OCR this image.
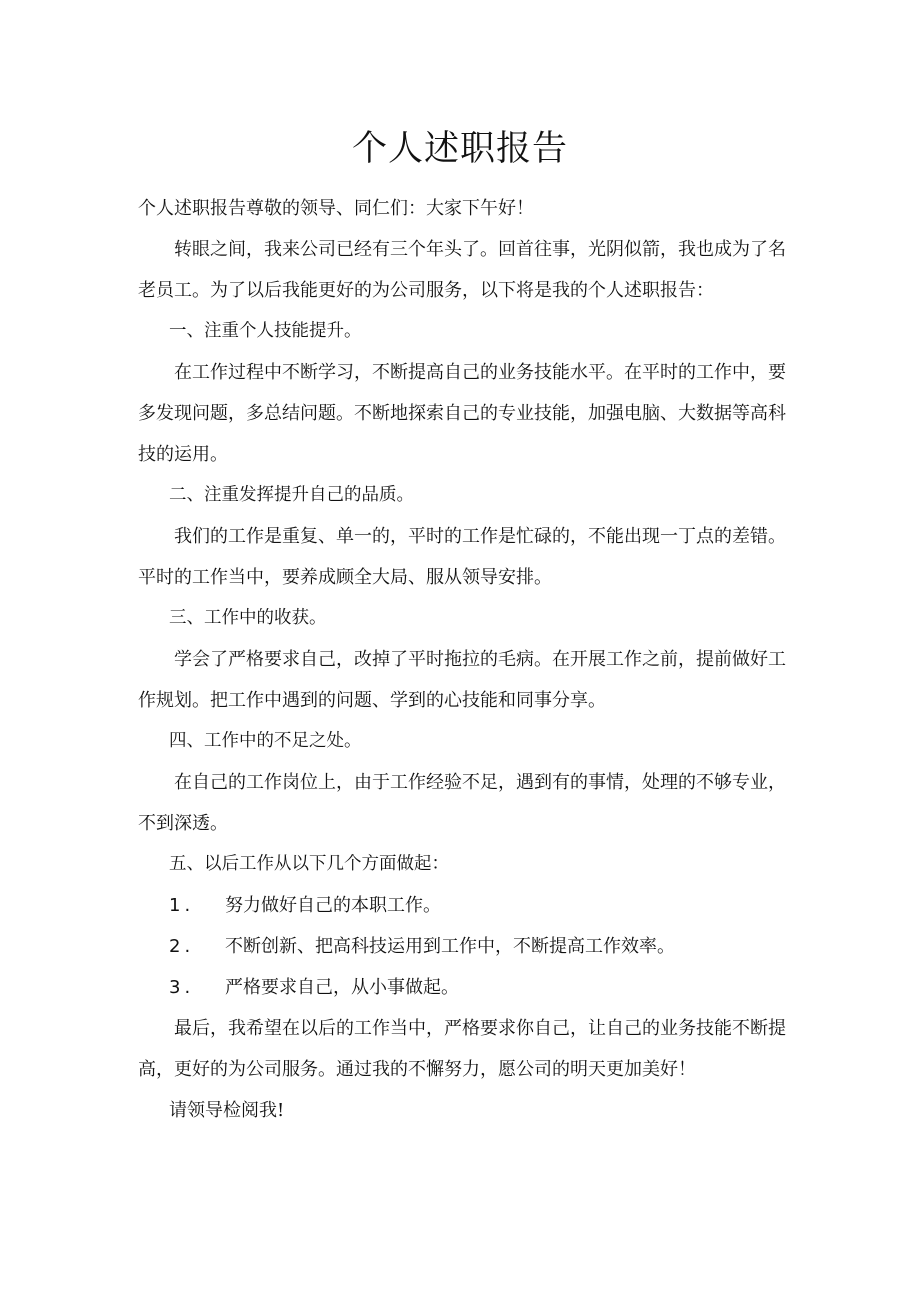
个人述职报告

个人述职报告尊敬的领导、同仁们：大家下午好！

转眼之间，我来公司已经有三个年头了。回首往事，光阴似箭，我也成为了名老员工。为了以后我能更好的为公司服务，以下将是我的个人述职报告：

一、注重个人技能提升。

在工作过程中不断学习，不断提高自己的业务技能水平。在平时的工作中，要多发现问题，多总结问题。不断地探索自己的专业技能，加强电脑、大数据等高科技的运用。

二、注重发挥提升自己的品质。

我们的工作是重复、单一的，平时的工作是忙碌的，不能出现一丁点的差错。平时的工作当中，要养成顾全大局、服从领导安排。

三、工作中的收获。

学会了严格要求自己，改掉了平时拖拉的毛病。在开展工作之前，提前做好工作规划。把工作中遇到的问题、学到的心技能和同事分享。

四、工作中的不足之处。

在自己的工作岗位上，由于工作经验不足，遇到有的事情，处理的不够专业，不到深透。

五、以后工作从以下几个方面做起：

1.	努力做好自己的本职工作。
2.	不断创新、把高科技运用到工作中，不断提高工作效率。
3.	严格要求自己，从小事做起。

最后，我希望在以后的工作当中，严格要求你自己，让自己的业务技能不断提高，更好的为公司服务。通过我的不懈努力，愿公司的明天更加美好！

请领导检阅我!
